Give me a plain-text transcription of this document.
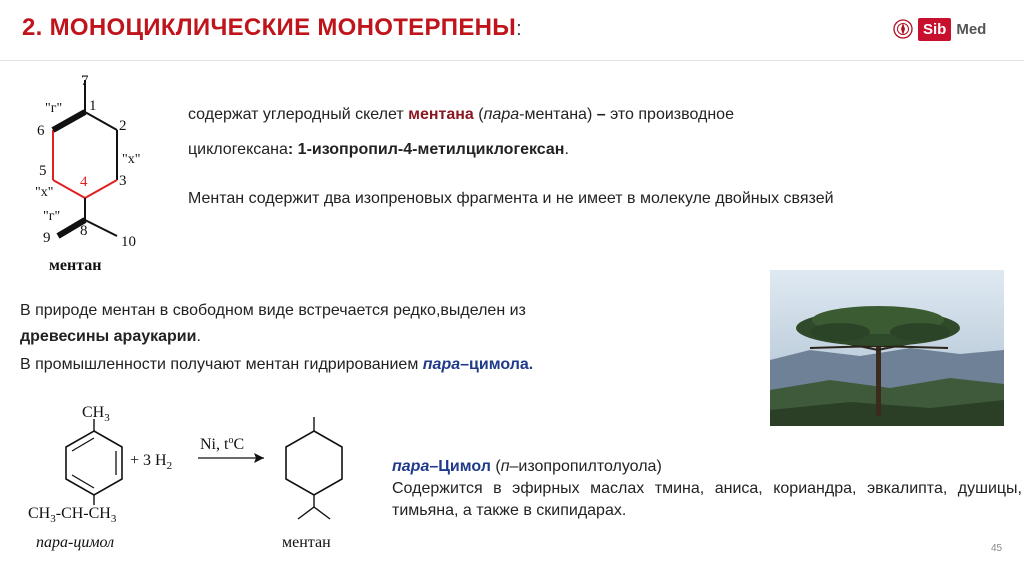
2. МОНОЦИКЛИЧЕСКИЕ МОНОТЕРПЕНЫ:	Sib Med
7
1
2
3
4
5
6
8
9	10
"г"
"x"
"x"
"г"
ментан
содержат углеродный скелет ментана (пара-ментана) – это производное
циклогексана: 1-изопропил-4-метилциклогексан.
Ментан содержит два изопреновых фрагмента и не имеет в молекуле двойных связей
В природе ментан в свободном виде встречается редко,выделен из
древесины араукарии.
В промышленности получают ментан гидрированием пара–цимола.
$CH_3$
$CH_3-CH-CH_3$
пара-цимол
+ 3 $H_2$
Ni, $t^oC$
ментан
пара–Цимол (п–изопропилтолуола)
Содержится в эфирных маслах тмина, аниса, кориандра, эвкалипта, душицы, тимьяна, а также в скипидарах.
45
